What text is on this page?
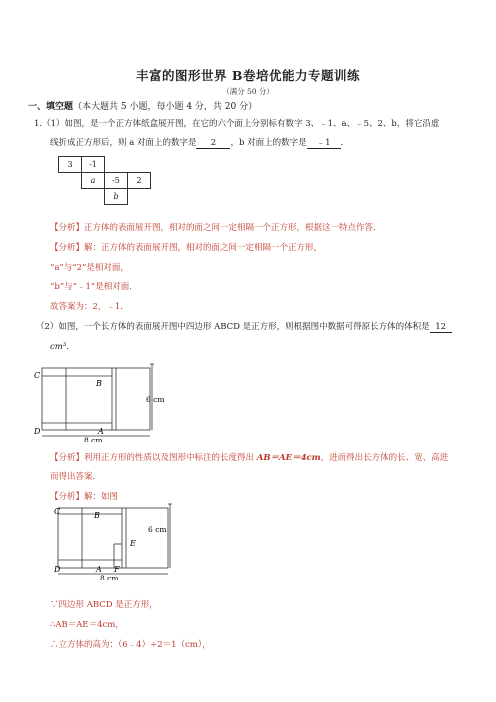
丰富的图形世界 B卷培优能力专题训练
（满分 50 分）
一、填空题（本大题共 5 小题，每小题 4 分，共 20 分）
1.（1）如图，是一个正方体纸盒展开图，在它的六个面上分别标有数字 3、﹣1、a、﹣5、2、b，将它沿虚
线折成正方形后，则 a 对面上的数字是 2 ，b 对面上的数字是 ﹣1 ．
3	-1
a	-5	2
b
【分析】正方体的表面展开图，相对的面之间一定相隔一个正方形，根据这一特点作答．
【分析】解：正方体的表面展开图，相对的面之间一定相隔一个正方形，
“a”与“2”是相对面，
“b”与“﹣1”是相对面．
故答案为：2，﹣1．
（2）如图，一个长方体的表面展开图中四边形 ABCD 是正方形，则根据图中数据可得原长方体的体积是 12
cm³．
C
B
D	A
6 cm
8 cm
【分析】利用正方形的性质以及图形中标注的长度得出 AB＝AE＝4cm，进而得出长方体的长、宽、高进
而得出答案．
【分析】解：如图
C	B
D	A F
E
6 cm
8 cm
∵四边形 ABCD 是正方形，
∴AB＝AE＝4cm，
∴立方体的高为：（6﹣4）÷2＝1（cm），
